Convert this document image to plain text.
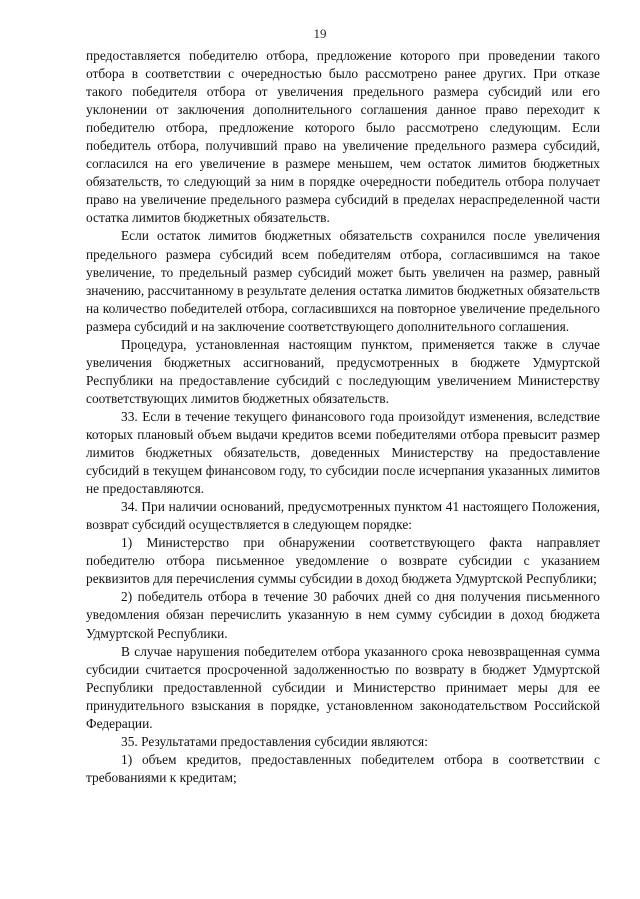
19

предоставляется победителю отбора, предложение которого при проведении такого отбора в соответствии с очередностью было рассмотрено ранее других. При отказе такого победителя отбора от увеличения предельного размера субсидий или его уклонении от заключения дополнительного соглашения данное право переходит к победителю отбора, предложение которого было рассмотрено следующим. Если победитель отбора, получивший право на увеличение предельного размера субсидий, согласился на его увеличение в размере меньшем, чем остаток лимитов бюджетных обязательств, то следующий за ним в порядке очередности победитель отбора получает право на увеличение предельного размера субсидий в пределах нераспределенной части остатка лимитов бюджетных обязательств.

Если остаток лимитов бюджетных обязательств сохранился после увеличения предельного размера субсидий всем победителям отбора, согласившимся на такое увеличение, то предельный размер субсидий может быть увеличен на размер, равный значению, рассчитанному в результате деления остатка лимитов бюджетных обязательств на количество победителей отбора, согласившихся на повторное увеличение предельного размера субсидий и на заключение соответствующего дополнительного соглашения.

Процедура, установленная настоящим пунктом, применяется также в случае увеличения бюджетных ассигнований, предусмотренных в бюджете Удмуртской Республики на предоставление субсидий с последующим увеличением Министерству соответствующих лимитов бюджетных обязательств.

33. Если в течение текущего финансового года произойдут изменения, вследствие которых плановый объем выдачи кредитов всеми победителями отбора превысит размер лимитов бюджетных обязательств, доведенных Министерству на предоставление субсидий в текущем финансовом году, то субсидии после исчерпания указанных лимитов не предоставляются.

34. При наличии оснований, предусмотренных пунктом 41 настоящего Положения, возврат субсидий осуществляется в следующем порядке:

1) Министерство при обнаружении соответствующего факта направляет победителю отбора письменное уведомление о возврате субсидии с указанием реквизитов для перечисления суммы субсидии в доход бюджета Удмуртской Республики;

2) победитель отбора в течение 30 рабочих дней со дня получения письменного уведомления обязан перечислить указанную в нем сумму субсидии в доход бюджета Удмуртской Республики.

В случае нарушения победителем отбора указанного срока невозвращенная сумма субсидии считается просроченной задолженностью по возврату в бюджет Удмуртской Республики предоставленной субсидии и Министерство принимает меры для ее принудительного взыскания в порядке, установленном законодательством Российской Федерации.

35. Результатами предоставления субсидии являются:

1) объем кредитов, предоставленных победителем отбора в соответствии с требованиями к кредитам;
